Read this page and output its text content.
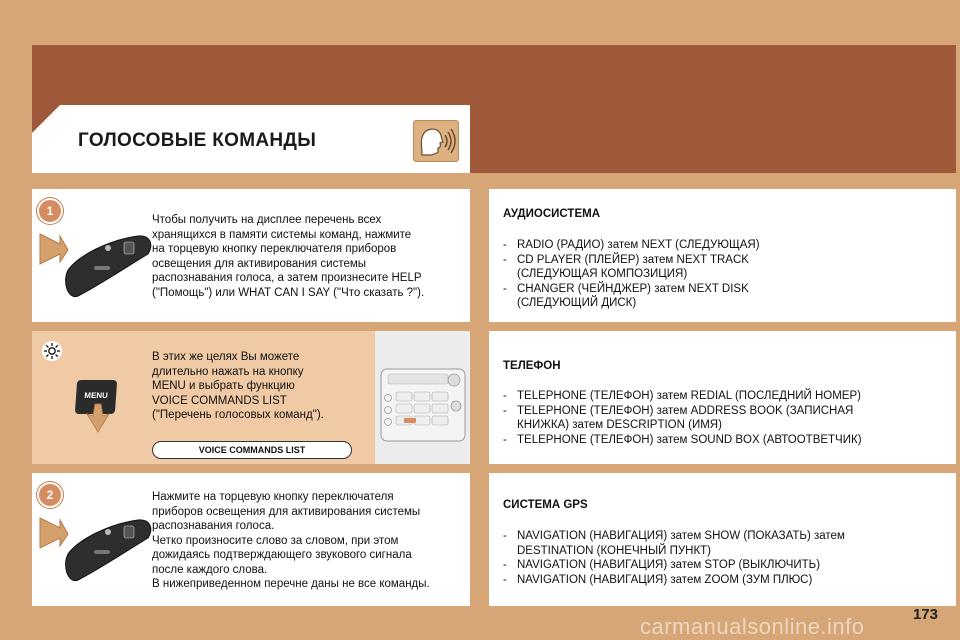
ГОЛОСОВЫЕ КОМАНДЫ
1
Чтобы получить на дисплее перечень всех
хранящихся в памяти системы команд, нажмите
на торцевую кнопку переключателя приборов
освещения для активирования системы
распознавания голоса, а затем произнесите HELP
("Помощь") или WHAT CAN I SAY ("Что сказать ?").
MENU
В этих же целях Вы можете
длительно нажать на кнопку
MENU и выбрать функцию
VOICE COMMANDS LIST
("Перечень голосовых команд").
VOICE COMMANDS LIST
2	Нажмите на торцевую кнопку переключателя
приборов освещения для активирования системы
распознавания голоса.
Четко произносите слово за словом, при этом
дожидаясь подтверждающего звукового сигнала
после каждого слова.
В нижеприведенном перечне даны не все команды.
АУДИОСИСТЕМА
- RADIO (РАДИО) затем NEXT (СЛЕДУЮЩАЯ)
- CD PLAYER (ПЛЕЙЕР) затем NEXT TRACK
(СЛЕДУЮЩАЯ КОМПОЗИЦИЯ)
- CHANGER (ЧЕЙНДЖЕР) затем NEXT DISK
(СЛЕДУЮЩИЙ ДИСК)
ТЕЛЕФОН
- TELEPHONE (ТЕЛЕФОН) затем REDIAL (ПОСЛЕДНИЙ НОМЕР)
- TELEPHONE (ТЕЛЕФОН) затем ADDRESS BOOK (ЗАПИСНАЯ
КНИЖКА) затем DESCRIPTION (ИМЯ)
- TELEPHONE (ТЕЛЕФОН) затем SOUND BOX (АВТООТВЕТЧИК)
СИСТЕМА GPS
- NAVIGATION (НАВИГАЦИЯ) затем SHOW (ПОКАЗАТЬ) затем
DESTINATION (КОНЕЧНЫЙ ПУНКТ)
- NAVIGATION (НАВИГАЦИЯ) затем STOP (ВЫКЛЮЧИТЬ)
- NAVIGATION (НАВИГАЦИЯ) затем ZOOM (ЗУМ ПЛЮС)
173
carmanualsonline.info
